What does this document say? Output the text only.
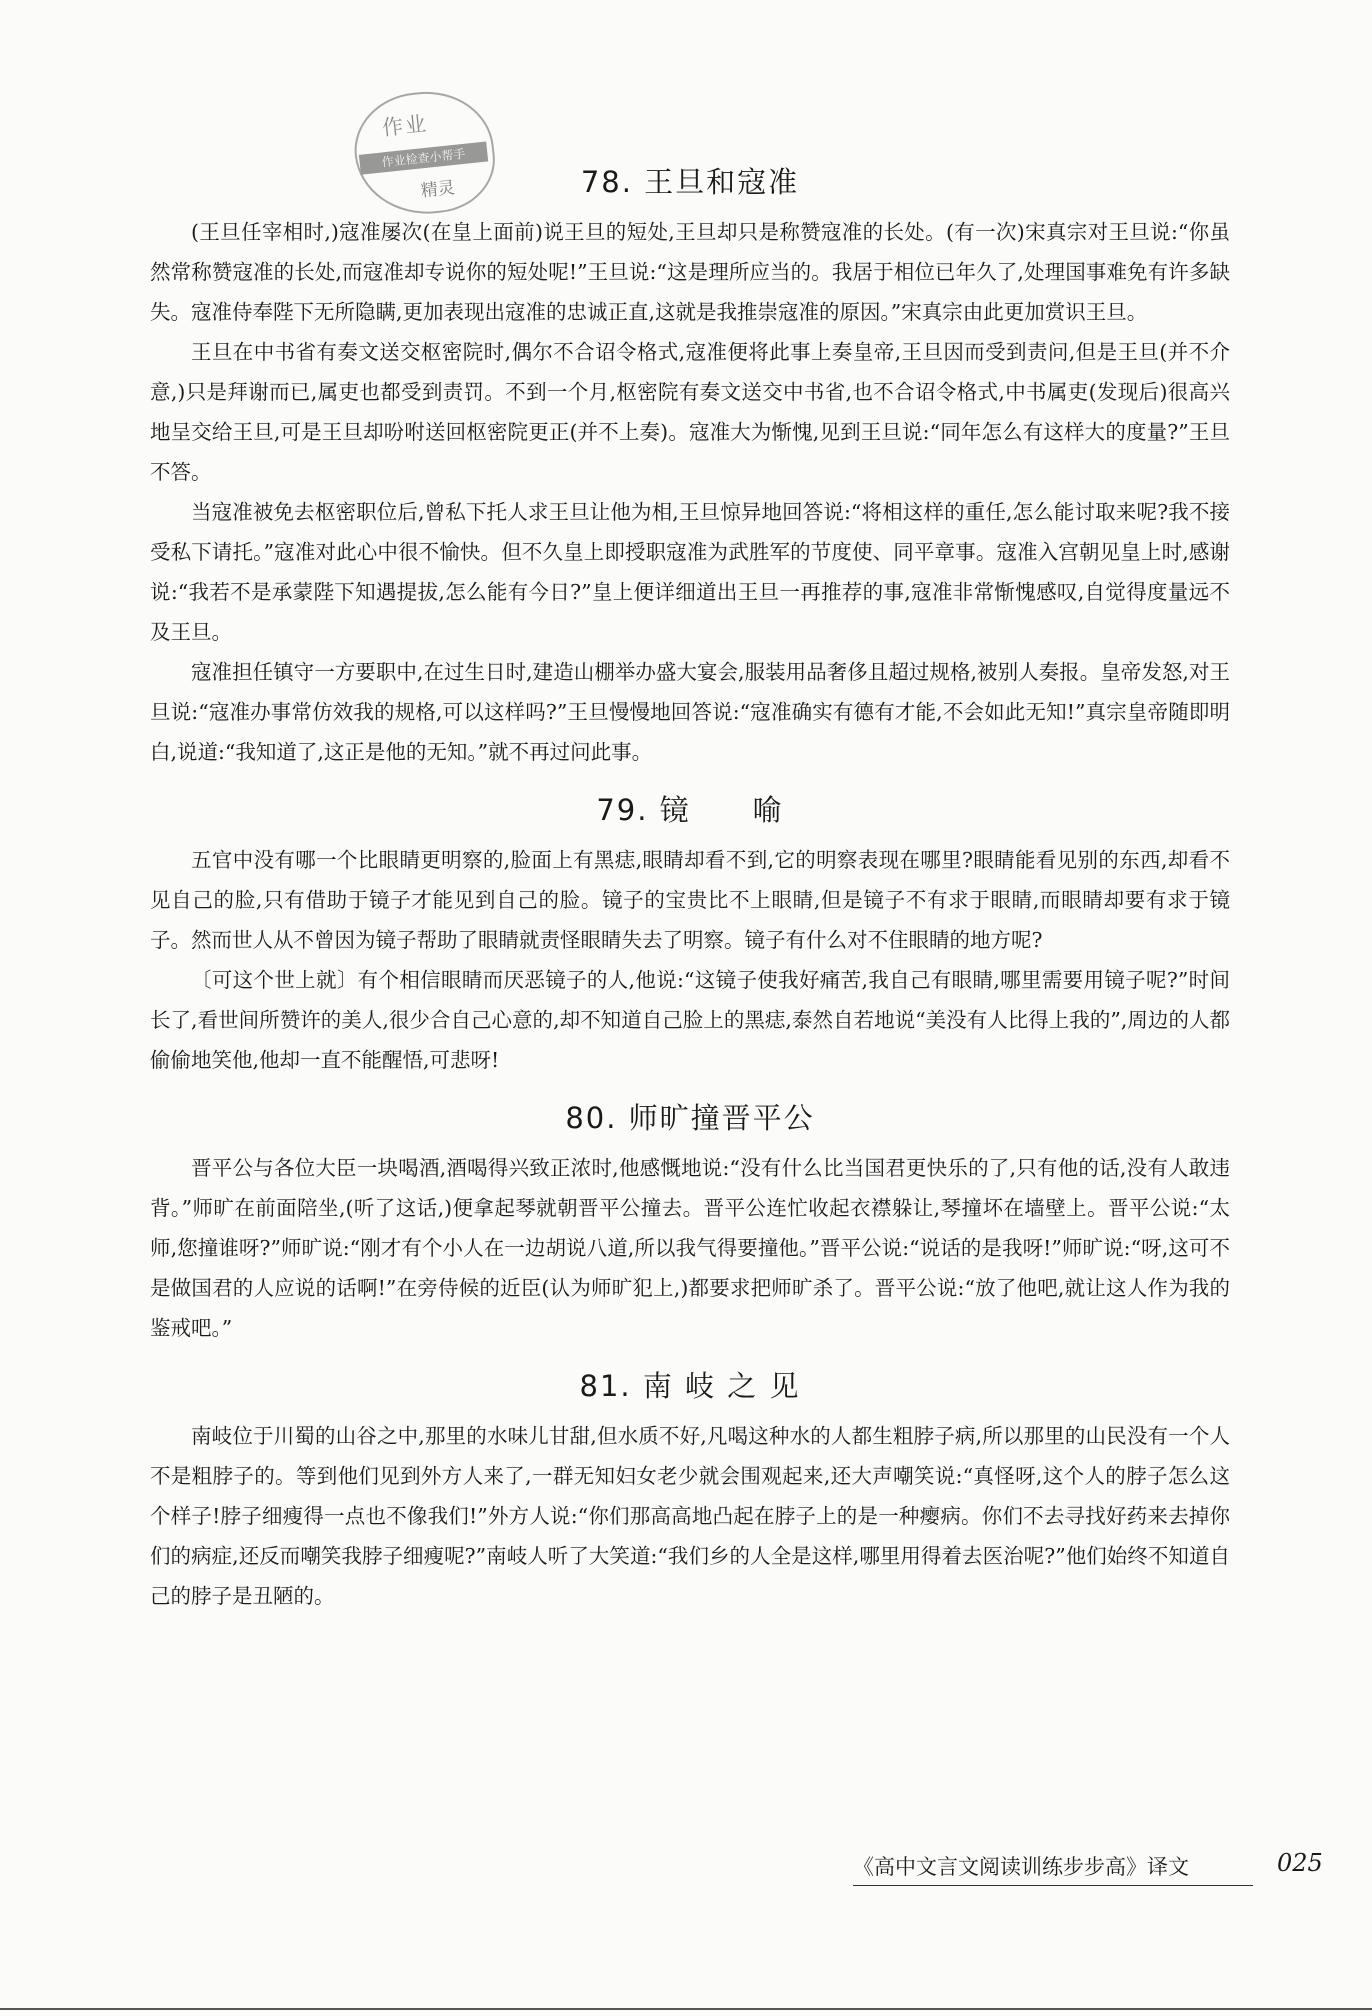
作业
作业检查小帮手
精灵	78. 王旦和寇准

(王旦任宰相时,)寇准屡次(在皇上面前)说王旦的短处,王旦却只是称赞寇准的长处。(有一次)宋真宗对王旦说:“你虽然常称赞寇准的长处,而寇准却专说你的短处呢!”王旦说:“这是理所应当的。我居于相位已年久了,处理国事难免有许多缺失。寇准侍奉陛下无所隐瞒,更加表现出寇准的忠诚正直,这就是我推崇寇准的原因。”宋真宗由此更加赏识王旦。

王旦在中书省有奏文送交枢密院时,偶尔不合诏令格式,寇准便将此事上奏皇帝,王旦因而受到责问,但是王旦(并不介意,)只是拜谢而已,属吏也都受到责罚。不到一个月,枢密院有奏文送交中书省,也不合诏令格式,中书属吏(发现后)很高兴地呈交给王旦,可是王旦却吩咐送回枢密院更正(并不上奏)。寇准大为惭愧,见到王旦说:“同年怎么有这样大的度量?”王旦不答。

当寇准被免去枢密职位后,曾私下托人求王旦让他为相,王旦惊异地回答说:“将相这样的重任,怎么能讨取来呢?我不接受私下请托。”寇准对此心中很不愉快。但不久皇上即授职寇准为武胜军的节度使、同平章事。寇准入宫朝见皇上时,感谢说:“我若不是承蒙陛下知遇提拔,怎么能有今日?”皇上便详细道出王旦一再推荐的事,寇准非常惭愧感叹,自觉得度量远不及王旦。

寇准担任镇守一方要职中,在过生日时,建造山棚举办盛大宴会,服装用品奢侈且超过规格,被别人奏报。皇帝发怒,对王旦说:“寇准办事常仿效我的规格,可以这样吗?”王旦慢慢地回答说:“寇准确实有德有才能,不会如此无知!”真宗皇帝随即明白,说道:“我知道了,这正是他的无知。”就不再过问此事。

79. 镜　　喻

五官中没有哪一个比眼睛更明察的,脸面上有黑痣,眼睛却看不到,它的明察表现在哪里?眼睛能看见别的东西,却看不见自己的脸,只有借助于镜子才能见到自己的脸。镜子的宝贵比不上眼睛,但是镜子不有求于眼睛,而眼睛却要有求于镜子。然而世人从不曾因为镜子帮助了眼睛就责怪眼睛失去了明察。镜子有什么对不住眼睛的地方呢?

〔可这个世上就〕有个相信眼睛而厌恶镜子的人,他说:“这镜子使我好痛苦,我自己有眼睛,哪里需要用镜子呢?”时间长了,看世间所赞许的美人,很少合自己心意的,却不知道自己脸上的黑痣,泰然自若地说“美没有人比得上我的”,周边的人都偷偷地笑他,他却一直不能醒悟,可悲呀!

80. 师旷撞晋平公

晋平公与各位大臣一块喝酒,酒喝得兴致正浓时,他感慨地说:“没有什么比当国君更快乐的了,只有他的话,没有人敢违背。”师旷在前面陪坐,(听了这话,)便拿起琴就朝晋平公撞去。晋平公连忙收起衣襟躲让,琴撞坏在墙壁上。晋平公说:“太师,您撞谁呀?”师旷说:“刚才有个小人在一边胡说八道,所以我气得要撞他。”晋平公说:“说话的是我呀!”师旷说:“呀,这可不是做国君的人应说的话啊!”在旁侍候的近臣(认为师旷犯上,)都要求把师旷杀了。晋平公说:“放了他吧,就让这人作为我的鉴戒吧。”

81. 南 岐 之 见

南岐位于川蜀的山谷之中,那里的水味儿甘甜,但水质不好,凡喝这种水的人都生粗脖子病,所以那里的山民没有一个人不是粗脖子的。等到他们见到外方人来了,一群无知妇女老少就会围观起来,还大声嘲笑说:“真怪呀,这个人的脖子怎么这个样子!脖子细瘦得一点也不像我们!”外方人说:“你们那高高地凸起在脖子上的是一种瘿病。你们不去寻找好药来去掉你们的病症,还反而嘲笑我脖子细瘦呢?”南岐人听了大笑道:“我们乡的人全是这样,哪里用得着去医治呢?”他们始终不知道自己的脖子是丑陋的。

《高中文言文阅读训练步步高》译文	025
